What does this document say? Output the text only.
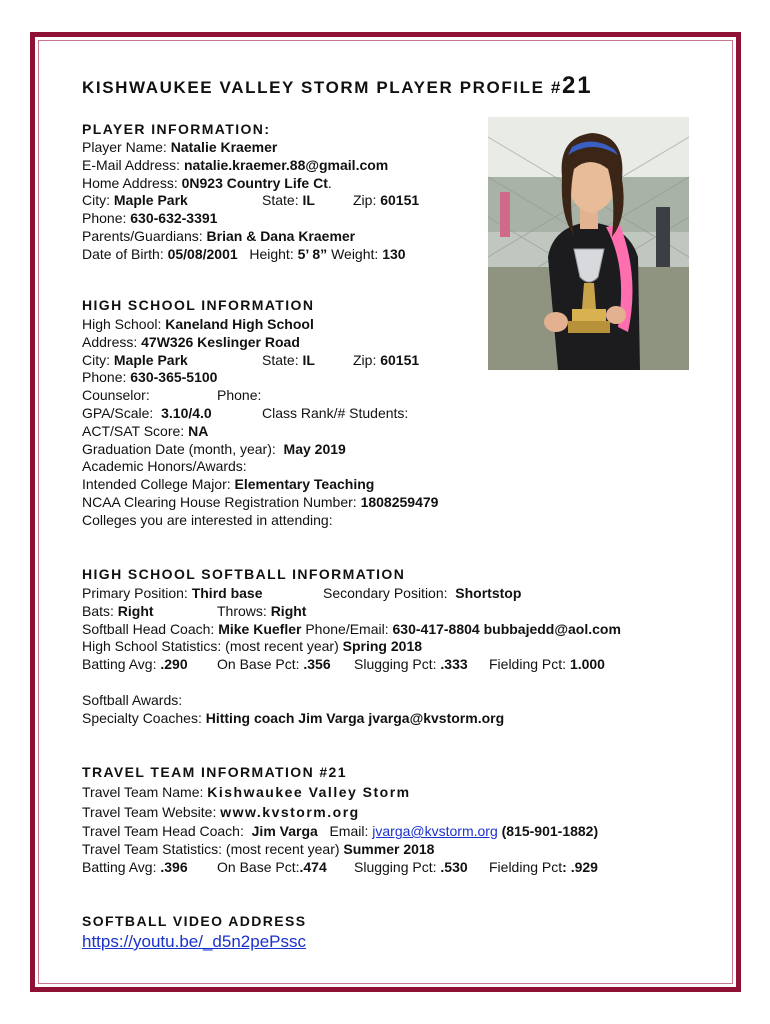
KISHWAUKEE VALLEY STORM PLAYER PROFILE #21
PLAYER INFORMATION:
Player Name: Natalie Kraemer
E-Mail Address: natalie.kraemer.88@gmail.com
Home Address: 0N923 Country Life Ct.
City: Maple Park	State: IL	Zip: 60151
Phone: 630-632-3391
Parents/Guardians: Brian & Dana Kraemer
Date of Birth: 05/08/2001 Height: 5’ 8” Weight: 130
HIGH SCHOOL INFORMATION
High School: Kaneland High School
Address: 47W326 Keslinger Road
City: Maple Park	State: IL	Zip: 60151
Phone: 630-365-5100
Counselor:	Phone:
GPA/Scale:  3.10/4.0	Class Rank/# Students:
ACT/SAT Score: NA
Graduation Date (month, year):  May 2019
Academic Honors/Awards:
Intended College Major: Elementary Teaching
NCAA Clearing House Registration Number: 1808259479
Colleges you are interested in attending:
HIGH SCHOOL SOFTBALL INFORMATION
Primary Position: Third base	Secondary Position:  Shortstop
Bats: Right	Throws: Right
Softball Head Coach: Mike Kuefler Phone/Email: 630-417-8804 bubbajedd@aol.com
High School Statistics: (most recent year) Spring 2018
Batting Avg: .290 On Base Pct: .356 Slugging Pct: .333 Fielding Pct: 1.000
Softball Awards:
Specialty Coaches: Hitting coach Jim Varga jvarga@kvstorm.org
TRAVEL TEAM INFORMATION #21
Travel Team Name: Kishwaukee Valley Storm
Travel Team Website: www.kvstorm.org
Travel Team Head Coach:  Jim Varga Email: jvarga@kvstorm.org (815-901-1882)
Travel Team Statistics: (most recent year) Summer 2018
Batting Avg: .396 On Base Pct:.474 Slugging Pct: .530 Fielding Pct: .929
SOFTBALL VIDEO ADDRESS
https://youtu.be/_d5n2pePssc
